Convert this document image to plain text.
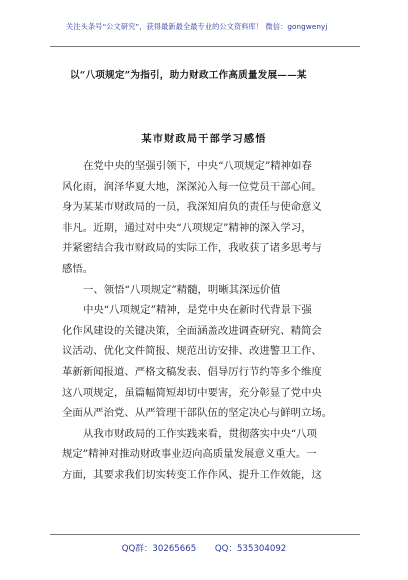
关注头条号“公文研究”，获得最新最全最专业的公文资料库！ 微信：gongwenyj
以“八项规定”为指引，助力财政工作高质量发展——某
某市财政局干部学习感悟
在党中央的坚强引领下，中央“八项规定”精神如春
风化雨，润泽华夏大地，深深沁入每一位党员干部心间。
身为某某市财政局的一员，我深知肩负的责任与使命意义
非凡。近期，通过对中央“八项规定”精神的深入学习，
并紧密结合我市财政局的实际工作，我收获了诸多思考与
感悟。
一、领悟“八项规定”精髓，明晰其深远价值
中央“八项规定”精神，是党中央在新时代背景下强
化作风建设的关键决策，全面涵盖改进调查研究、精简会
议活动、优化文件简报、规范出访安排、改进警卫工作、
革新新闻报道、严格文稿发表、倡导厉行节约等多个维度
这八项规定，虽篇幅简短却切中要害，充分彰显了党中央
全面从严治党、从严管理干部队伍的坚定决心与鲜明立场。
从我市财政局的工作实践来看，贯彻落实中央“八项
规定”精神对推动财政事业迈向高质量发展意义重大。一
方面，其要求我们切实转变工作作风、提升工作效能，这
QQ群：30265665 QQ：535304092
